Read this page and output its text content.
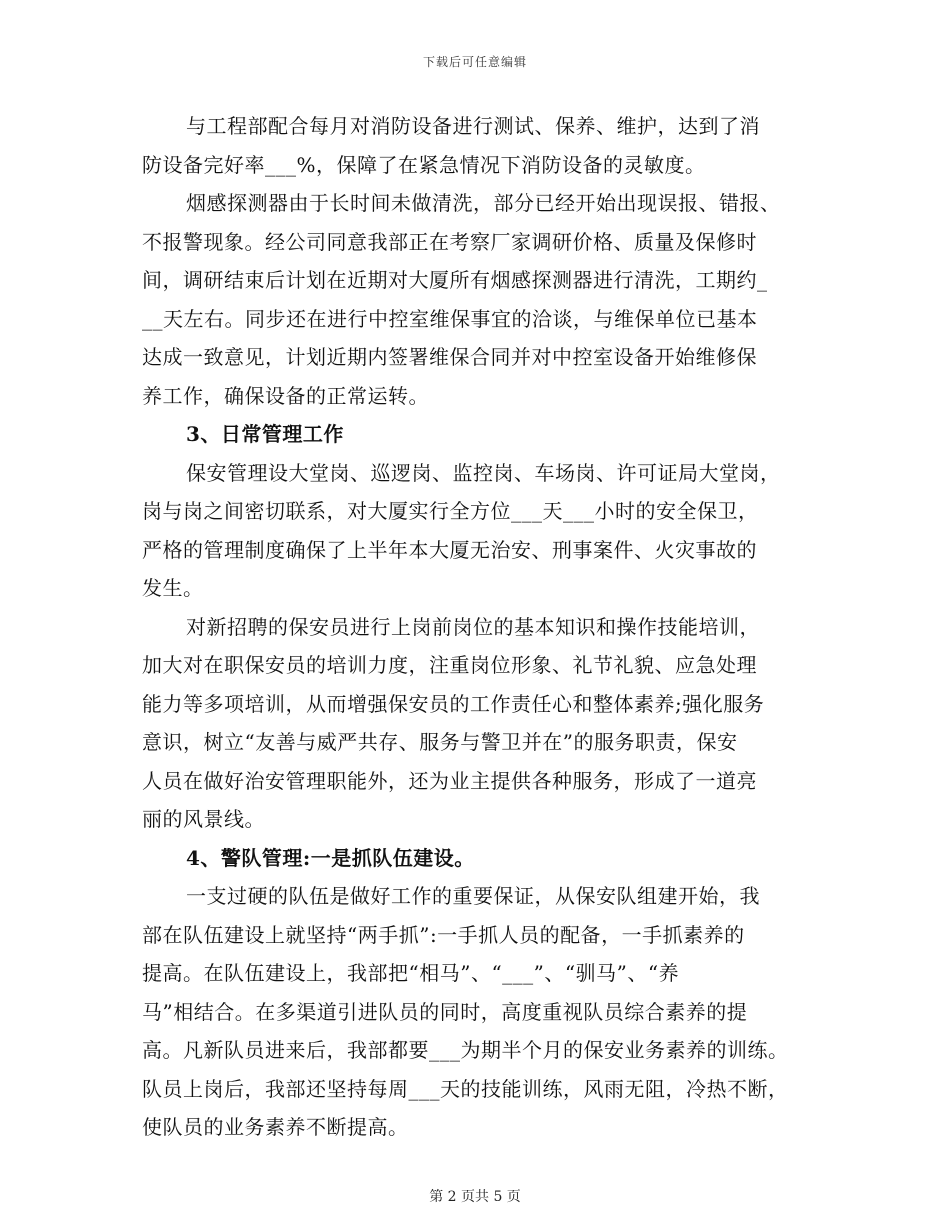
下载后可任意编辑
与工程部配合每月对消防设备进行测试、保养、维护，达到了消
防设备完好率___%，保障了在紧急情况下消防设备的灵敏度。
烟感探测器由于长时间未做清洗，部分已经开始出现误报、错报、
不报警现象。经公司同意我部正在考察厂家调研价格、质量及保修时
间，调研结束后计划在近期对大厦所有烟感探测器进行清洗，工期约_
__天左右。同步还在进行中控室维保事宜的洽谈，与维保单位已基本
达成一致意见，计划近期内签署维保合同并对中控室设备开始维修保
养工作，确保设备的正常运转。
3、日常管理工作
保安管理设大堂岗、巡逻岗、监控岗、车场岗、许可证局大堂岗，
岗与岗之间密切联系，对大厦实行全方位___天___小时的安全保卫，
严格的管理制度确保了上半年本大厦无治安、刑事案件、火灾事故的
发生。
对新招聘的保安员进行上岗前岗位的基本知识和操作技能培训，
加大对在职保安员的培训力度，注重岗位形象、礼节礼貌、应急处理
能力等多项培训，从而增强保安员的工作责任心和整体素养;强化服务
意识，树立“友善与威严共存、服务与警卫并在”的服务职责，保安
人员在做好治安管理职能外，还为业主提供各种服务，形成了一道亮
丽的风景线。
4、警队管理:一是抓队伍建设。
一支过硬的队伍是做好工作的重要保证，从保安队组建开始，我
部在队伍建设上就坚持“两手抓”:一手抓人员的配备，一手抓素养的
提高。在队伍建设上，我部把“相马”、“___”、“驯马”、“养
马”相结合。在多渠道引进队员的同时，高度重视队员综合素养的提
高。凡新队员进来后，我部都要___为期半个月的保安业务素养的训练。
队员上岗后，我部还坚持每周___天的技能训练，风雨无阻，冷热不断，
使队员的业务素养不断提高。
第 2 页共 5 页
